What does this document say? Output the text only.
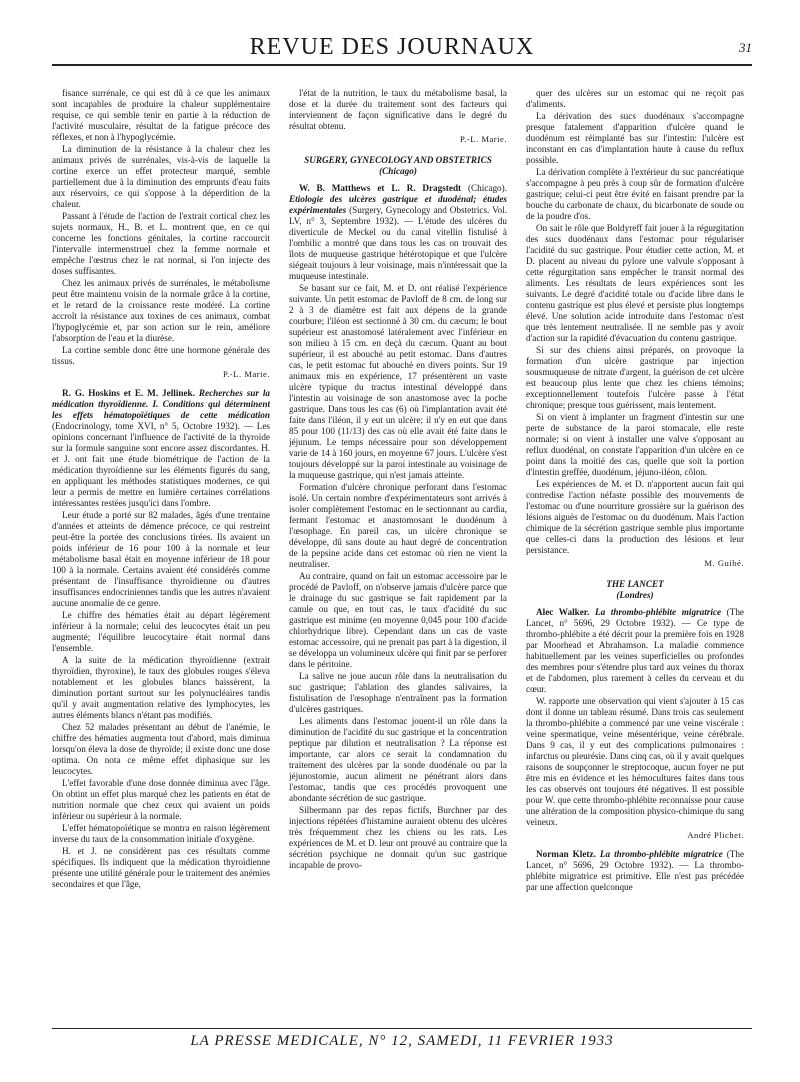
REVUE DES JOURNAUX	31

fisance surrénale, ce qui est dû à ce que les animaux sont incapables de produire la chaleur supplémentaire requise, ce qui semble tenir en partie à la réduction de l'activité musculaire, résultat de la fatigue précoce des réflexes, et non à l'hypoglycémie.

La diminution de la résistance à la chaleur chez les animaux privés de surrénales, vis-à-vis de laquelle la cortine exerce un effet protecteur marqué, semble partiellement due à la diminution des emprunts d'eau faits aux réservoirs, ce qui s'oppose à la déperdition de la chaleur.

Passant à l'étude de l'action de l'extrait cortical chez les sujets normaux, H., B. et L. montrent que, en ce qui concerne les fonctions génitales, la cortine raccourcit l'intervalle intermenstruel chez la femme normale et empêche l'œstrus chez le rat normal, si l'on injecte des doses suffisantes.

Chez les animaux privés de surrénales, le métabolisme peut être maintenu voisin de la normale grâce à la cortine, et le retard de la croissance reste modéré. La cortine accroît la résistance aux toxines de ces animaux, combat l'hypoglycémie et, par son action sur le rein, améliore l'absorption de l'eau et la diurèse.

La cortine semble donc être une hormone générale des tissus.

P.-L. Marie.

R. G. Hoskins et E. M. Jellinek. Recherches sur la médication thyroïdienne. I. Conditions qui déterminent les effets hématopoïétiques de cette médication (Endocrinology, tome XVI, n° 5, Octobre 1932). — Les opinions concernant l'influence de l'activité de la thyroïde sur la formule sanguine sont encore assez discordantes. H. et J. ont fait une étude biométrique de l'action de la médication thyroïdienne sur les éléments figurés du sang, en appliquant les méthodes statistiques modernes, ce qui leur a permis de mettre en lumière certaines corrélations intéressantes restées jusqu'ici dans l'ombre.

Leur étude a porté sur 82 malades, âgés d'une trentaine d'années et atteints de démence précoce, ce qui restreint peut-être la portée des conclusions tirées. Ils avaient un poids inférieur de 16 pour 100 à la normale et leur métabolisme basal était en moyenne inférieur de 18 pour 100 à la normale. Certains avaient été considérés comme présentant de l'insuffisance thyroïdienne ou d'autres insuffisances endocriniennes tandis que les autres n'avaient aucune anomalie de ce genre.

Le chiffre des hématies était au départ légèrement inférieur à la normale; celui des leucocytes était un peu augmenté; l'équilibre leucocytaire était normal dans l'ensemble.

A la suite de la médication thyroïdienne (extrait thyroïdien, thyroxine), le taux des globules rouges s'éleva notablement et les globules blancs baissèrent, la diminution portant surtout sur les polynucléaires tandis qu'il y avait augmentation relative des lymphocytes, les autres éléments blancs n'étant pas modifiés.

Chez 52 malades présentant au début de l'anémie, le chiffre des hématies augmenta tout d'abord, mais diminua lorsqu'on éleva la dose de thyroïde; il existe donc une dose optima. On nota ce même effet diphasique sur les leucocytes.

L'effet favorable d'une dose donnée diminua avec l'âge. On obtint un effet plus marqué chez les patients en état de nutrition normale que chez ceux qui avaient un poids inférieur ou supérieur à la normale.

L'effet hématopoïétique se montra en raison légèrement inverse du taux de la consommation initiale d'oxygène.

H. et J. ne considèrent pas ces résultats comme spécifiques. Ils indiquent que la médication thyroïdienne présente une utilité générale pour le traitement des anémies secondaires et que l'âge,

l'état de la nutrition, le taux du métabolisme basal, la dose et la durée du traitement sont des facteurs qui interviennent de façon significative dans le degré du résultat obtenu.

P.-L. Marie.
SURGERY, GYNECOLOGY AND OBSTETRICS
(Chicago)

W. B. Matthews et L. R. Dragstedt (Chicago). Etiologie des ulcères gastrique et duodénal; études expérimentales (Surgery, Gynecology and Obstetrics. Vol. LV, n° 3, Septembre 1932). — L'étude des ulcères du diverticule de Meckel ou du canal vitellin fistulisé à l'ombilic a montré que dans tous les cas on trouvait des îlots de muqueuse gastrique hétérotopique et que l'ulcère siégeait toujours à leur voisinage, mais n'intéressait que la muqueuse intestinale.

Se basant sur ce fait, M. et D. ont réalisé l'expérience suivante. Un petit estomac de Pavloff de 8 cm. de long sur 2 à 3 de diamètre est fait aux dépens de la grande courbure; l'iléon est sectionné à 30 cm. du cæcum; le bout supérieur est anastomosé latéralement avec l'inférieur en son milieu à 15 cm. en deçà du cæcum. Quant au bout supérieur, il est abouché au petit estomac. Dans d'autres cas, le petit estomac fut abouché en divers points. Sur 19 animaux mis en expérience, 17 présentèrent un vaste ulcère typique du tractus intestinal développé dans l'intestin au voisinage de son anastomose avec la poche gastrique. Dans tous les cas (6) où l'implantation avait été faite dans l'iléon, il y eut un ulcère; il n'y en eut que dans 85 pour 100 (11/13) des cas où elle avait été faite dans le jéjunum. Le temps nécessaire pour son développement varie de 14 à 160 jours, en moyenne 67 jours. L'ulcère s'est toujours développé sur la paroi intestinale au voisinage de la muqueuse gastrique, qui n'est jamais atteinte.

Formation d'ulcère chronique perforant dans l'estomac isolé. Un certain nombre d'expérimentateurs sont arrivés à isoler complètement l'estomac en le sectionnant au cardia, fermant l'estomac et anastomosant le duodénum à l'œsophage. En pareil cas, un ulcère chronique se développe, dû sans doute au haut degré de concentration de la pepsine acide dans cet estomac où rien ne vient la neutraliser.

Au contraire, quand on fait un estomac accessoire par le procédé de Pavloff, on n'observe jamais d'ulcère parce que le drainage du suc gastrique se fait rapidement par la canule ou que, en tout cas, le taux d'acidité du suc gastrique est minime (en moyenne 0,045 pour 100 d'acide chlorhydrique libre). Cependant dans un cas de vaste estomac accessoire, qui ne prenait pas part à la digestion, il se développa un volumineux ulcère qui finit par se perforer dans le péritoine.

La salive ne joue aucun rôle dans la neutralisation du suc gastrique; l'ablation des glandes salivaires, la fistulisation de l'œsophage n'entraînent pas la formation d'ulcères gastriques.

Les aliments dans l'estomac jouent-il un rôle dans la diminution de l'acidité du suc gastrique et la concentration peptique par dilution et neutralisation ? La réponse est importante, car alors ce serait la condamnation du traitement des ulcères par la sonde duodénale ou par la jéjunostomie, aucun aliment ne pénétrant alors dans l'estomac, tandis que ces procédés provoquent une abondante sécrétion de suc gastrique.

Silbermann par des repas fictifs, Burchner par des injections répétées d'histamine auraient obtenu des ulcères très fréquemment chez les chiens ou les rats. Les expériences de M. et D. leur ont prouvé au contraire que la sécrétion psychique ne donnait qu'un suc gastrique incapable de provo-

quer des ulcères sur un estomac qui ne reçoit pas d'aliments.

La dérivation des sucs duodénaux s'accompagne presque fatalement d'apparition d'ulcère quand le duodénum est réimplanté bas sur l'intestin: l'ulcère est inconstant en cas d'implantation haute à cause du reflux possible.

La dérivation complète à l'extérieur du suc pancréatique s'accompagne à peu près à coup sûr de formation d'ulcère gastrique; celui-ci peut être évité en faisant prendre par la bouche du carbonate de chaux, du bicarbonate de soude ou de la poudre d'os.

On sait le rôle que Boldyreff fait jouer à la régurgitation des sucs duodénaux dans l'estomac pour régulariser l'acidité du suc gastrique. Pour étudier cette action, M. et D. placent au niveau du pylore une valvule s'opposant à cette régurgitation sans empêcher le transit normal des aliments. Les résultats de leurs expériences sont les suivants. Le degré d'acidité totale ou d'acide libre dans le contenu gastrique est plus élevé et persiste plus longtemps élevé. Une solution acide introduite dans l'estomac n'est que très lentement neutralisée. Il ne semble pas y avoir d'action sur la rapidité d'évacuation du contenu gastrique.

Si sur des chiens ainsi préparés, on provoque la formation d'un ulcère gastrique par injection sousmuqueuse de nitrate d'argent, la guérison de cet ulcère est beaucoup plus lente que chez les chiens témoins; exceptionnellement toutefois l'ulcère passe à l'état chronique; presque tous guérissent, mais lentement.

Si on vient à implanter un fragment d'intestin sur une perte de substance de la paroi stomacale, elle reste normale; si on vient à installer une valve s'opposant au reflux duodénal, on constate l'apparition d'un ulcère en ce point dans la moitié des cas, quelle que soit la portion d'intestin greffée, duodénum, jéjuno-iléon, côlon.

Les expériences de M. et D. n'apportent aucun fait qui contredise l'action néfaste possible des mouvements de l'estomac ou d'une nourriture grossière sur la guérison des lésions aiguës de l'estomac ou du duodénum. Mais l'action chimique de la sécrétion gastrique semble plus importante que celles-ci dans la production des lésions et leur persistance.

M. Guibé.
THE LANCET
(Londres)

Alec Walker. La thrombo-phlébite migratrice (The Lancet, n° 5696, 29 Octobre 1932). — Ce type de thrombo-phlébite a été décrit pour la première fois en 1928 par Moorhead et Abrahamson. La maladie commence habituellement par les veines superficielles ou profondes des membres pour s'étendre plus tard aux veines du thorax et de l'abdomen, plus rarement à celles du cerveau et du cœur.

W. rapporte une observation qui vient s'ajouter à 15 cas dont il donne un tableau résumé. Dans trois cas seulement la thrombo-phlébite a commencé par une veine viscérale : veine spermatique, veine mésentérique, veine cérébrale. Dans 9 cas, il y eut des complications pulmonaires : infarctus ou pleurésie. Dans cinq cas, où il y avait quelques raisons de soupçonner le streptocoque, aucun foyer ne put être mis en évidence et les hémocultures faites dans tous les cas observés ont toujours été négatives. Il est possible pour W. que cette thrombo-phlébite reconnaisse pour cause une altération de la composition physico-chimique du sang veineux.

André Plichet.

Norman Kletz. La thrombo-phlébite migratrice (The Lancet, n° 5696, 29 Octobre 1932). — La thrombo-phlébite migratrice est primitive. Elle n'est pas précédée par une affection quelconque

LA PRESSE MEDICALE, N° 12, SAMEDI, 11 FEVRIER 1933
